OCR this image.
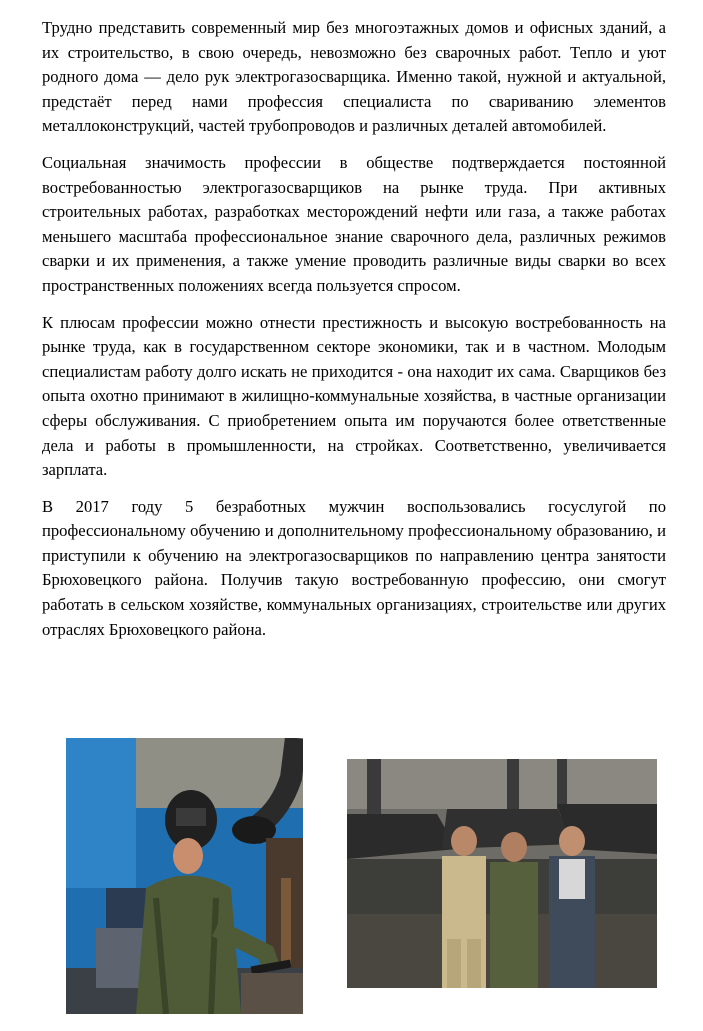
Трудно представить современный мир без многоэтажных домов и офисных зданий, а их строительство, в свою очередь, невозможно без сварочных работ. Тепло и уют родного дома — дело рук электрогазосварщика. Именно такой, нужной и актуальной, предстаёт перед нами профессия специалиста по свариванию элементов металлоконструкций, частей трубопроводов и различных деталей автомобилей.

Социальная значимость профессии в обществе подтверждается постоянной востребованностью электрогазосварщиков на рынке труда. При активных строительных работах, разработках месторождений нефти или газа, а также работах меньшего масштаба профессиональное знание сварочного дела, различных режимов сварки и их применения, а также умение проводить различные виды сварки во всех пространственных положениях всегда пользуется спросом.

К плюсам профессии можно отнести престижность и высокую востребованность на рынке труда, как в государственном секторе экономики, так и в частном. Молодым специалистам работу долго искать не приходится - она находит их сама. Сварщиков без опыта охотно принимают в жилищно-коммунальные хозяйства, в частные организации сферы обслуживания. С приобретением опыта им поручаются более ответственные дела и работы в промышленности, на стройках. Соответственно, увеличивается зарплата.

В 2017 году 5 безработных мужчин воспользовались госуслугой по профессиональному обучению и дополнительному профессиональному образованию, и приступили к обучению на электрогазосварщиков по направлению центра занятости Брюховецкого района. Получив такую востребованную профессию, они смогут работать в сельском хозяйстве, коммунальных организациях, строительстве или других отраслях Брюховецкого района.
